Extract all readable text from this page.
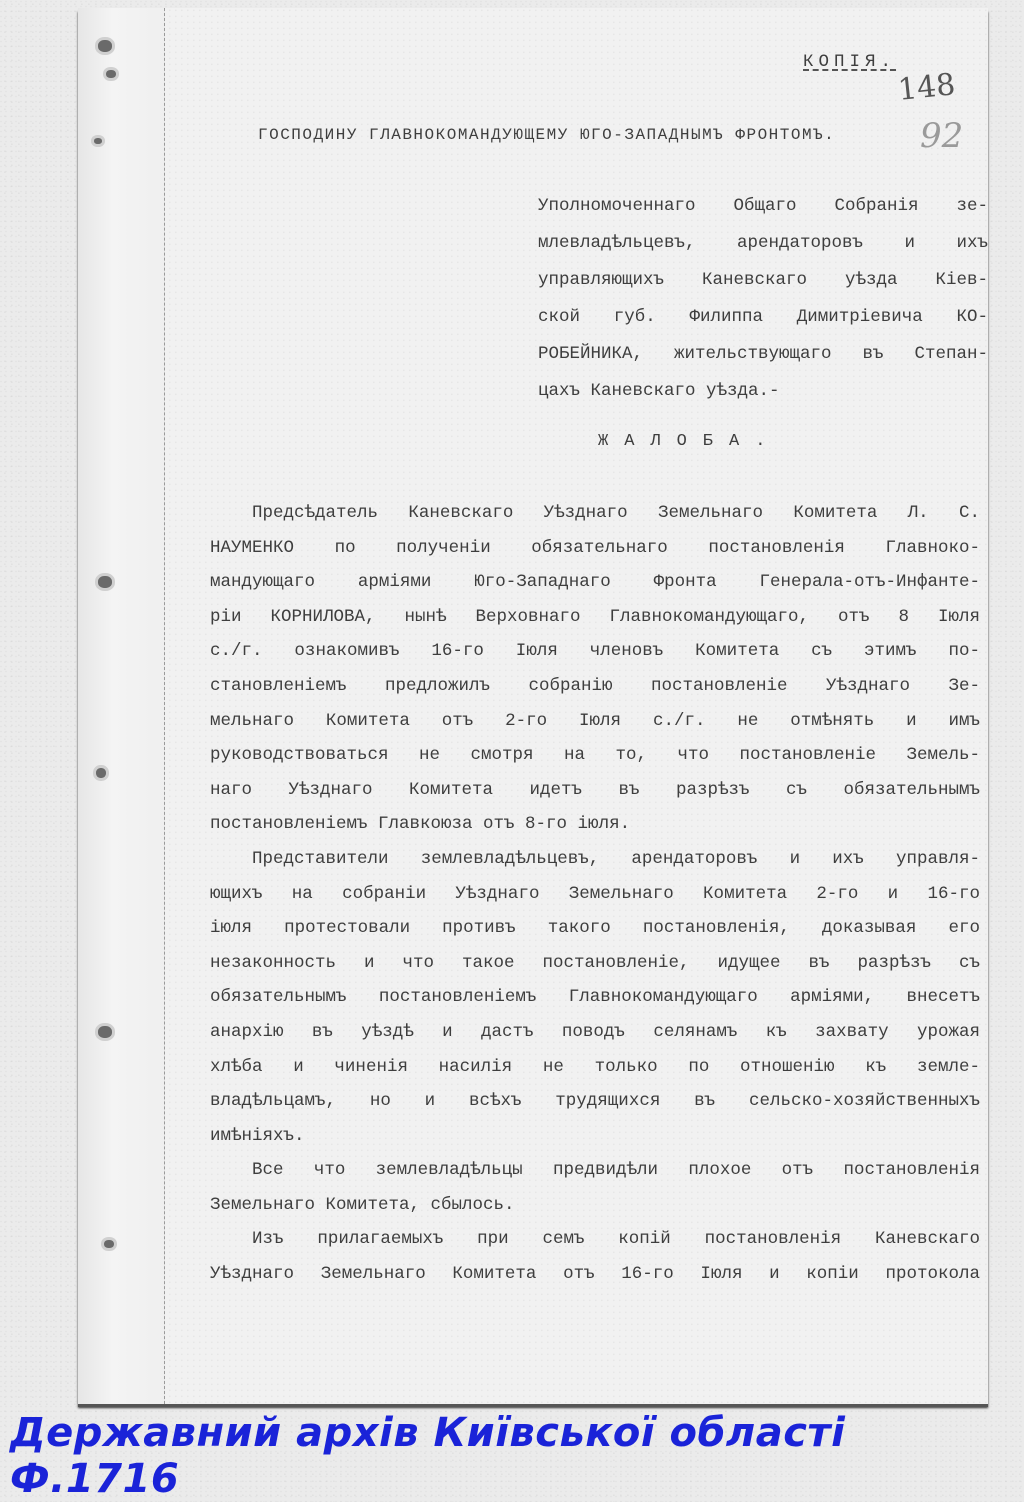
КОПІЯ.
148
92
ГОСПОДИНУ ГЛАВНОКОМАНДУЮЩЕМУ ЮГО-ЗАПАДНЫМЪ ФРОНТОМЪ.
Уполномоченнаго Общаго Собранія зе-
млевладѣльцевъ, арендаторовъ и ихъ
управляющихъ Каневскаго уѣзда Кіев-
ской губ. Филиппа Димитріевича КО-
РОБЕЙНИКА, жительствующаго въ Степан-
цахъ Каневскаго уѣзда.-
ЖАЛОБА.
Предсѣдатель Каневскаго Уѣзднаго Земельнаго Комитета Л. С.
НАУМЕНКО по полученіи обязательнаго постановленія Главноко-
мандующаго арміями Юго-Западнаго Фронта Генерала-отъ-Инфанте-
ріи КОРНИЛОВА, нынѣ Верховнаго Главнокомандующаго, отъ 8 Іюля
с./г. ознакомивъ 16-го Іюля членовъ Комитета съ этимъ по-
становленіемъ предложилъ собранію постановленіе Уѣзднаго Зе-
мельнаго Комитета отъ 2-го Іюля с./г. не отмѣнять и имъ
руководствоваться не смотря на то, что постановленіе Земель-
наго Уѣзднаго Комитета идетъ въ разрѣзъ съ обязательнымъ
постановленіемъ Главкоюза отъ 8-го іюля.
Представители землевладѣльцевъ, арендаторовъ и ихъ управля-
ющихъ на собраніи Уѣзднаго Земельнаго Комитета 2-го и 16-го
іюля протестовали противъ такого постановленія, доказывая его
незаконность и что такое постановленіе, идущее въ разрѣзъ съ
обязательнымъ постановленіемъ Главнокомандующаго арміями, внесетъ
анархію въ уѣздѣ и дастъ поводъ селянамъ къ захвату урожая
хлѣба и чиненія насилія не только по отношенію къ земле-
владѣльцамъ, но и всѣхъ трудящихся въ сельско-хозяйственныхъ
имѣніяхъ.
Все что землевладѣльцы предвидѣли плохое отъ постановленія
Земельнаго Комитета, сбылось.
Изъ прилагаемыхъ при семъ копій постановленія Каневскаго
Уѣзднаго Земельнаго Комитета отъ 16-го Іюля и копіи протокола
Державний архів Київської області Ф.1716
